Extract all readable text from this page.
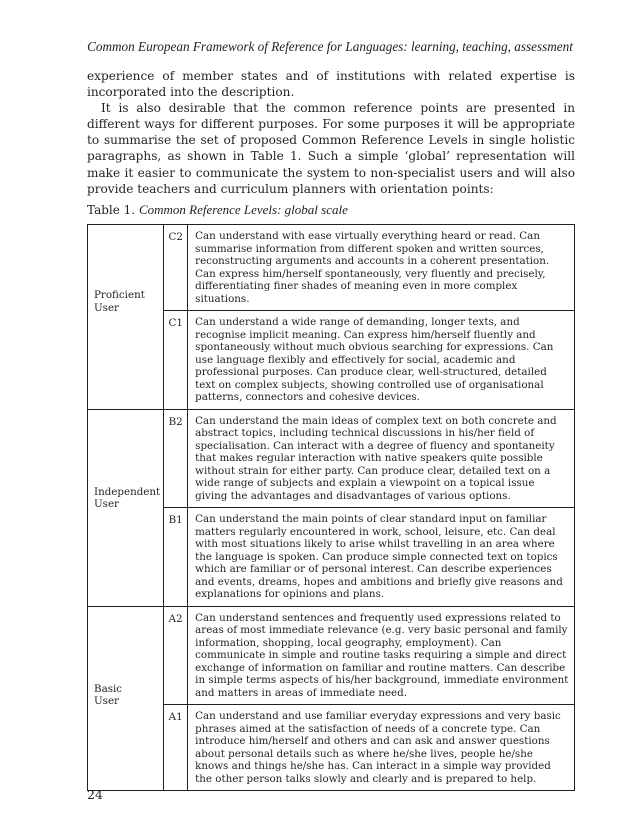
Common European Framework of Reference for Languages: learning, teaching, assessment

experience of member states and of institutions with related expertise is incorporated into the description.

It is also desirable that the common reference points are presented in different ways for different purposes. For some purposes it will be appropriate to summarise the set of proposed Common Reference Levels in single holistic paragraphs, as shown in Table 1. Such a simple ‘global’ representation will make it easier to communicate the system to non-specialist users and will also provide teachers and curriculum planners with orientation points:

Table 1. Common Reference Levels: global scale
Proficient
User	C2	Can understand with ease virtually everything heard or read. Can summarise information from different spoken and written sources, reconstructing arguments and accounts in a coherent presentation. Can express him/herself spontaneously, very fluently and precisely, differentiating finer shades of meaning even in more complex situations.
	C1	Can understand a wide range of demanding, longer texts, and recognise implicit meaning. Can express him/herself fluently and spontaneously without much obvious searching for expressions. Can use language flexibly and effectively for social, academic and professional purposes. Can produce clear, well-structured, detailed text on complex subjects, showing controlled use of organisational patterns, connectors and cohesive devices.

Independent
User	B2	Can understand the main ideas of complex text on both concrete and abstract topics, including technical discussions in his/her field of specialisation. Can interact with a degree of fluency and spontaneity that makes regular interaction with native speakers quite possible without strain for either party. Can produce clear, detailed text on a wide range of subjects and explain a viewpoint on a topical issue giving the advantages and disadvantages of various options.
	B1	Can understand the main points of clear standard input on familiar matters regularly encountered in work, school, leisure, etc. Can deal with most situations likely to arise whilst travelling in an area where the language is spoken. Can produce simple connected text on topics which are familiar or of personal interest. Can describe experiences and events, dreams, hopes and ambitions and briefly give reasons and explanations for opinions and plans.

Basic
User	A2	Can understand sentences and frequently used expressions related to areas of most immediate relevance (e.g. very basic personal and family information, shopping, local geography, employment). Can communicate in simple and routine tasks requiring a simple and direct exchange of information on familiar and routine matters. Can describe in simple terms aspects of his/her background, immediate environment and matters in areas of immediate need.
	A1	Can understand and use familiar everyday expressions and very basic phrases aimed at the satisfaction of needs of a concrete type. Can introduce him/herself and others and can ask and answer questions about personal details such as where he/she lives, people he/she knows and things he/she has. Can interact in a simple way provided the other person talks slowly and clearly and is prepared to help.
24
